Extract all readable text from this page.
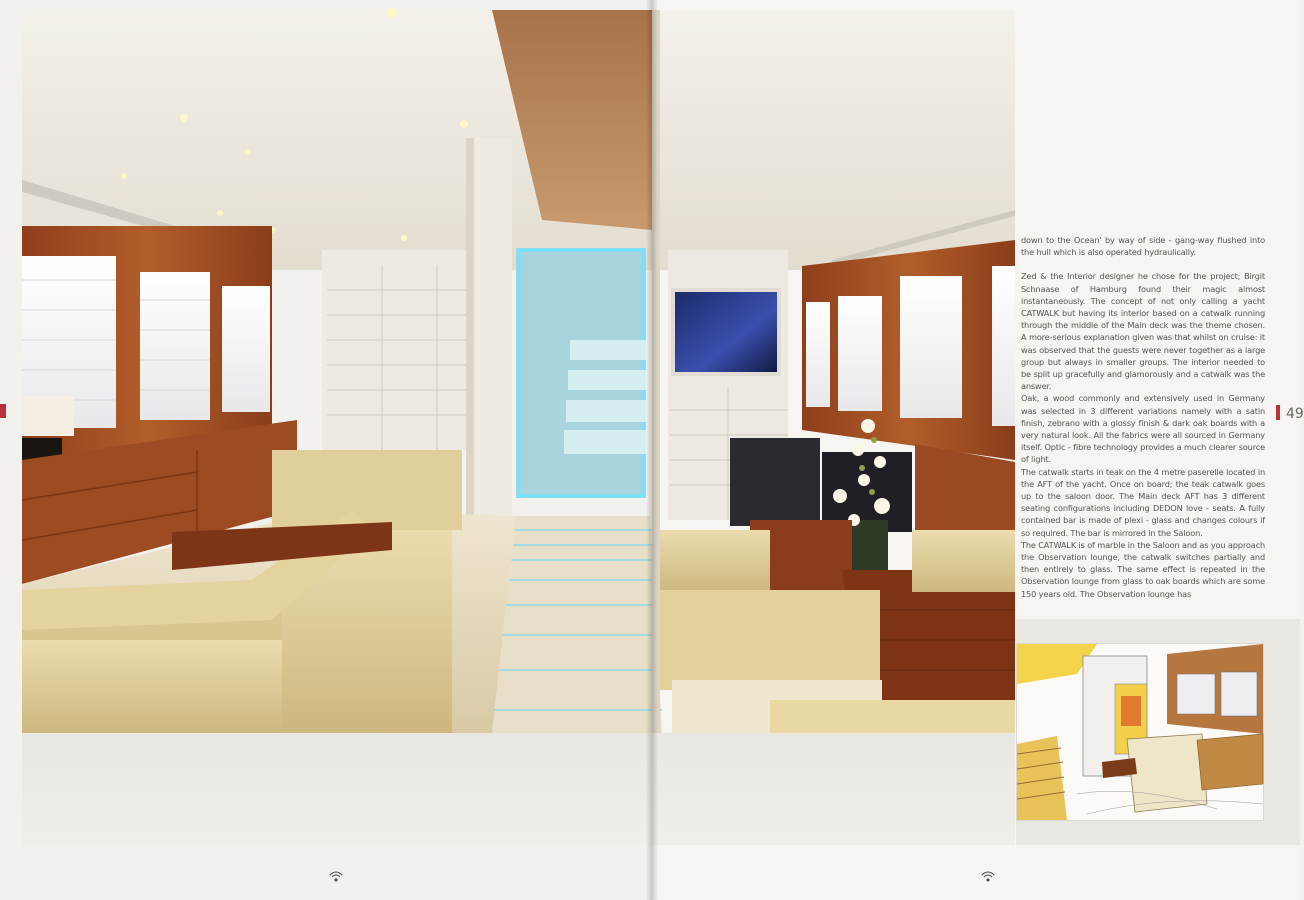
down to the Ocean' by way of side - gang-way flushed into the hull which is also operated hydraulically.

Zed & the Interior designer he chose for the project; Birgit Schnaase of Hamburg found their magic almost instantaneously. The concept of not only calling a yacht CATWALK but having its interior based on a catwalk running through the middle of the Main deck was the theme chosen. A more-serious explanation given was that whilst on cruise: it was observed that the guests were never together as a large group but always in smaller groups. The interior needed to be split up gracefully and glamorously and a catwalk was the answer.

Oak, a wood commonly and extensively used in Germany was selected in 3 different variations namely with a satin finish, zebrano with a glossy finish & dark oak boards with a very natural look. All the fabrics were all sourced in Germany itself. Optic - fibre technology provides a much clearer source of light.

The catwalk starts in teak on the 4 metre paserelle located in the AFT of the yacht. Once on board; the teak catwalk goes up to the saloon door. The Main deck AFT has 3 different seating configurations including DEDON love - seats. A fully contained bar is made of plexi - glass and changes colours if so required. The bar is mirrored in the Saloon.

The CATWALK is of marble in the Saloon and as you approach the Observation lounge, the catwalk switches partially and then entirely to glass. The same effect is repeated in the Observation lounge from glass to oak boards which are some 150 years old. The Observation lounge has

49
